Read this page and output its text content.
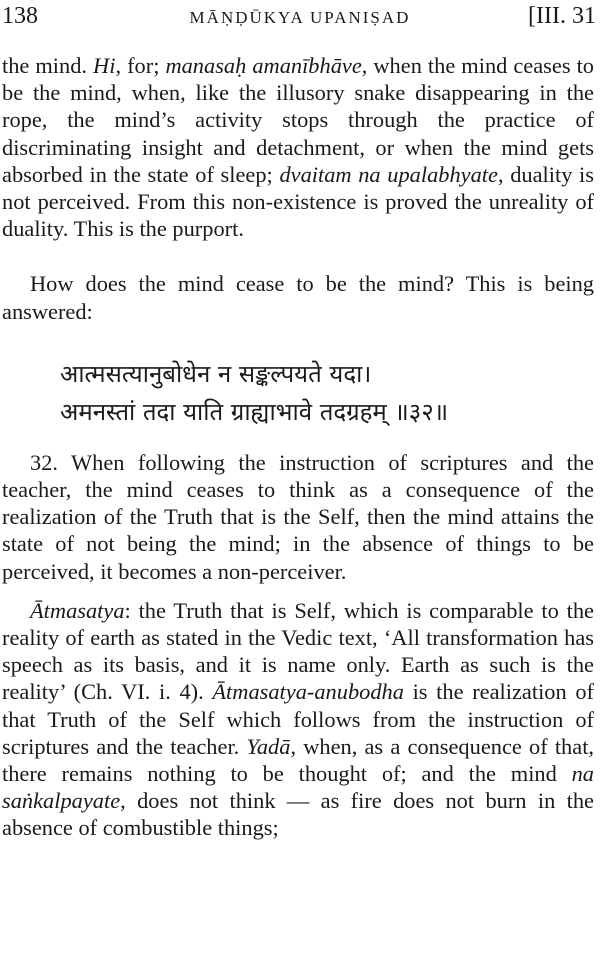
138	MĀṆḌŪKYA UPANIṢAD	[III. 31

the mind. Hi, for; manasaḥ amanībhāve, when the mind ceases to be the mind, when, like the illusory snake disappearing in the rope, the mind’s activity stops through the practice of discriminating insight and detachment, or when the mind gets absorbed in the state of sleep; dvaitam na upalabhyate, duality is not perceived. From this non-existence is proved the unreality of duality. This is the purport.

How does the mind cease to be the mind? This is being answered:

आत्मसत्यानुबोधेन न सङ्कल्पयते यदा।
अमनस्तां तदा याति ग्राह्याभावे तदग्रहम् ॥३२॥

32. When following the instruction of scriptures and the teacher, the mind ceases to think as a consequence of the realization of the Truth that is the Self, then the mind attains the state of not being the mind; in the absence of things to be perceived, it becomes a non-perceiver.

Ātmasatya: the Truth that is Self, which is comparable to the reality of earth as stated in the Vedic text, ‘All transformation has speech as its basis, and it is name only. Earth as such is the reality’ (Ch. VI. i. 4). Ātmasatya-anubodha is the realization of that Truth of the Self which follows from the instruction of scriptures and the teacher. Yadā, when, as a consequence of that, there remains nothing to be thought of; and the mind na saṅkalpayate, does not think — as fire does not burn in the absence of combustible things;
